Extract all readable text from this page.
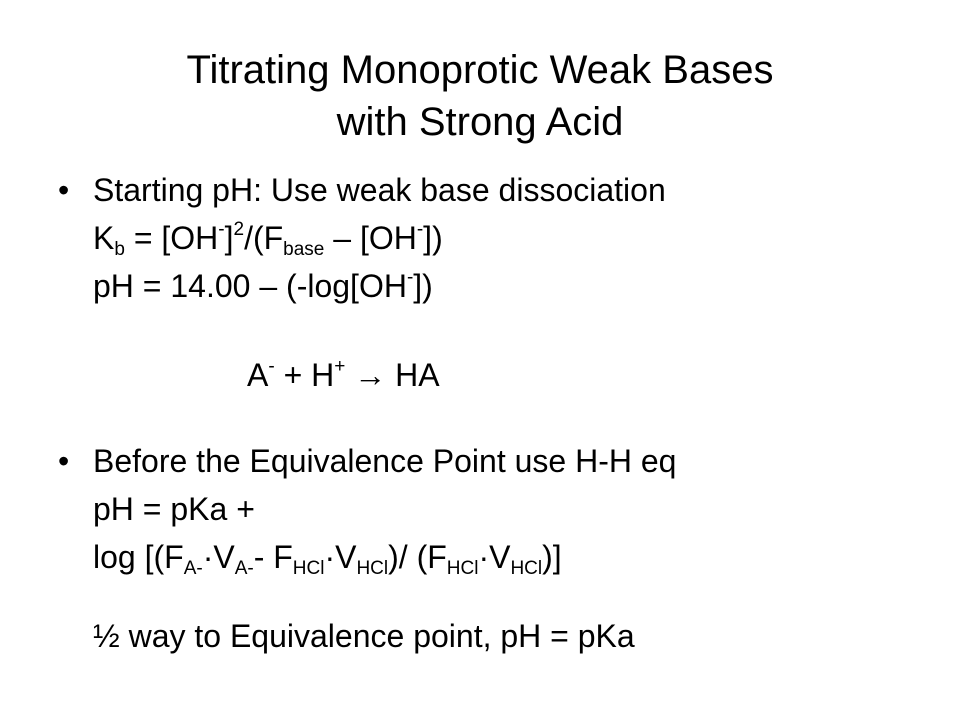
Titrating Monoprotic Weak Bases
with Strong Acid
• Starting pH: Use weak base dissociation
$K_b = [OH^-]^2/(F_{base} - [OH^-])$
pH = 14.00 – (-log[OH-])
A- + H+ → HA
• Before the Equivalence Point use H-H eq
pH = pKa +
$\log [(F_{A-}\cdot V_{A-}-$ $F_{HCl}\cdot V_{HCl})/$ $(F_{HCl}\cdot V_{HCl})$]
½ way to Equivalence point, pH = pKa
